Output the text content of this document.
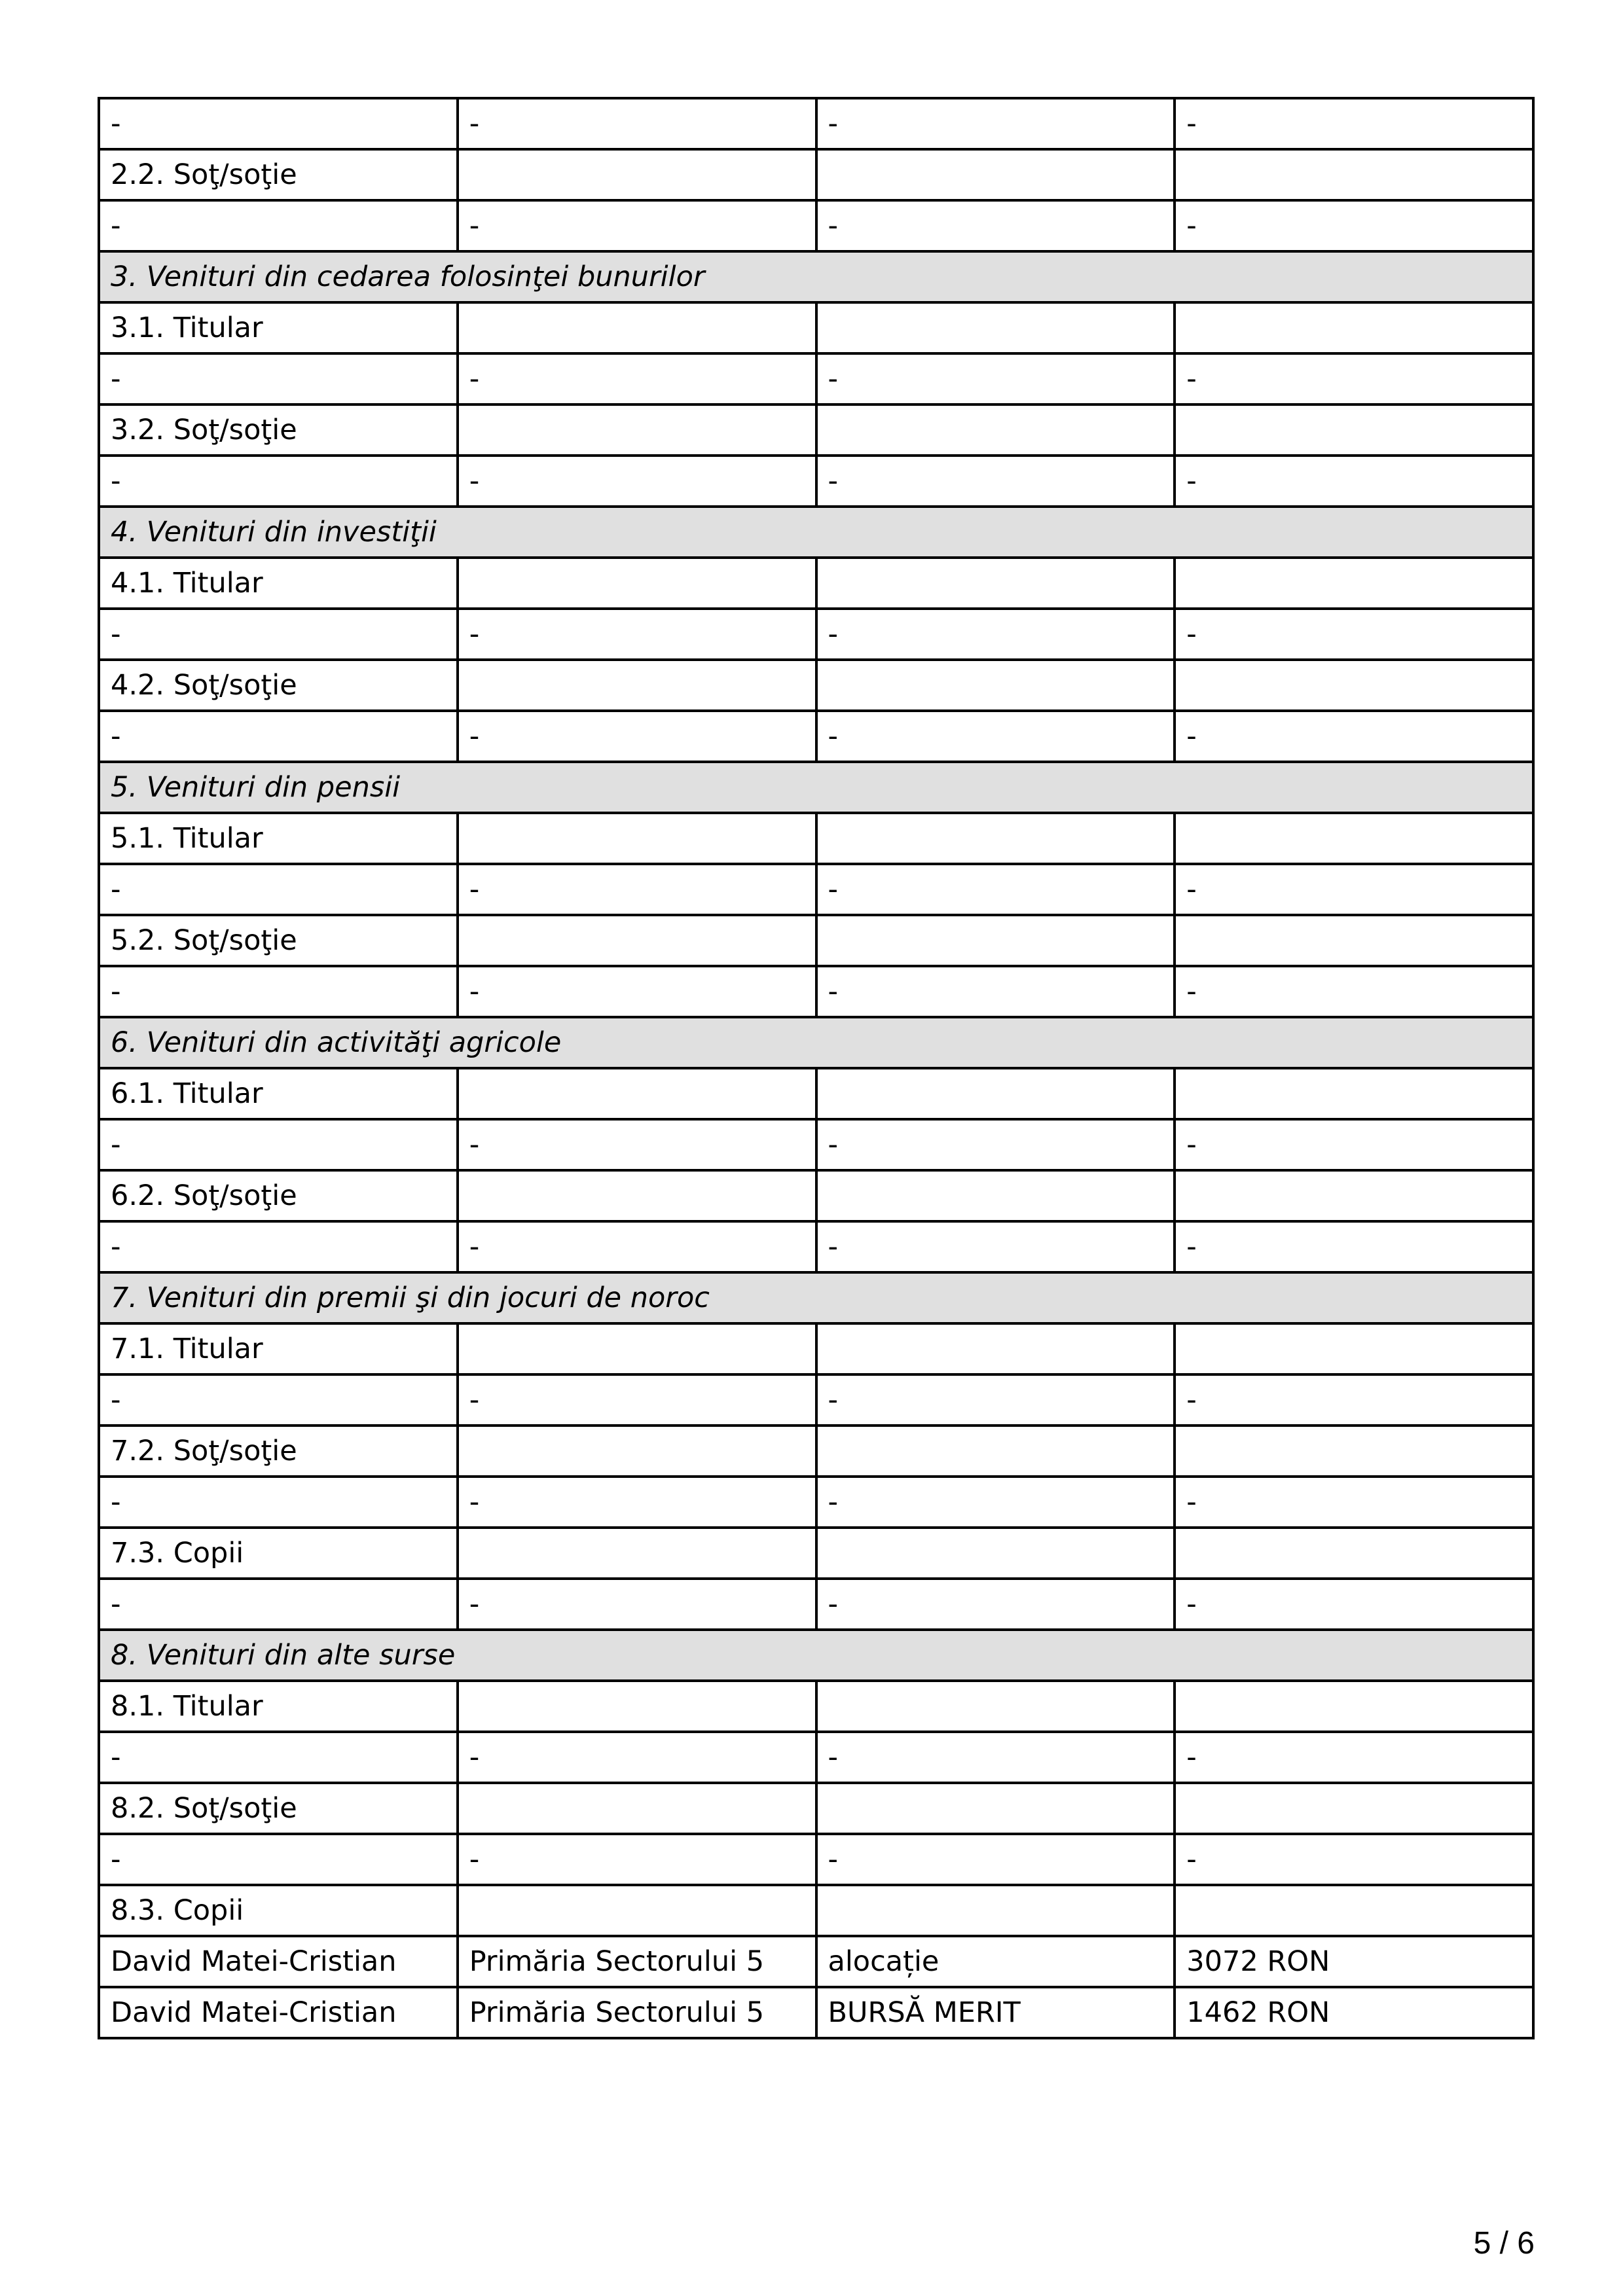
-	-	-	-
2.2. Soţ/soţie			
-	-	-	-
3. Venituri din cedarea folosinţei bunurilor			
3.1. Titular			
-	-	-	-
3.2. Soţ/soţie			
-	-	-	-
4. Venituri din investiţii			
4.1. Titular			
-	-	-	-
4.2. Soţ/soţie			
-	-	-	-
5. Venituri din pensii			
5.1. Titular			
-	-	-	-
5.2. Soţ/soţie			
-	-	-	-
6. Venituri din activităţi agricole			
6.1. Titular			
-	-	-	-
6.2. Soţ/soţie			
-	-	-	-
7. Venituri din premii şi din jocuri de noroc			
7.1. Titular			
-	-	-	-
7.2. Soţ/soţie			
-	-	-	-
7.3. Copii			
-	-	-	-
8. Venituri din alte surse			
8.1. Titular			
-	-	-	-
8.2. Soţ/soţie			
-	-	-	-
8.3. Copii			
David Matei-Cristian	Primăria Sectorului 5	alocație	3072 RON
David Matei-Cristian	Primăria Sectorului 5	BURSĂ MERIT	1462 RON
5 / 6
